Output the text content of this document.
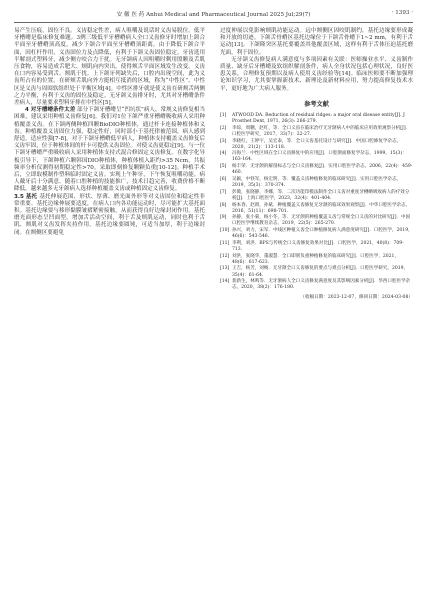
安 徽 医 药 Anhui Medical and Pharmaceutical Journal 2025 Jul;29(7)	· 1393 ·

易产生压痕，固位不良。义齿稳定性差，病人咀嚼及说话时义齿易脱位。低平牙槽嵴是临床修复难题。3例三级低平牙槽嵴病人全口义齿修牙时增加上颌合平面至牙槽嵴顶高度，减少下颌合平面至牙槽嵴顶距离。由于降低下颌合平面，因杠杆作用，义齿固位力及点降低，有利于下颌义齿固位稳定。牙齿选用半解剖式塑料牙，减少侧方咬合力干扰。无牙颌病人因咀嚼时剩用殷颗及舌肌压食物，容易造成舌肥大、颊肌向内突出，使得颊舌平面区域发生改变。义齿在口内容易受到舌、颊肌干扰。上下颌牙列缺失后，口腔内出现空间，此为义齿所占有的位置。在研颊舌肌向外方挺相互抵消的区域，称为“中性区”。中性区是义齿与周围软组织处于平衡区域[4]。中性区排牙就是使义齿在研颊舌两侧之力平衡，有利于义齿的固位及稳定。无牙颌义齿排牙时，尤其对牙槽嵴条件差病人，尽量要求塑料牙排在中性区[5]。

4 对牙槽嵴条件太差 部分下颌牙槽嵴呈“凹坑状”病人，常规义齿修复相当困难，建议采用种植义齿修复[6]。我们对1位下颌严重牙槽嵴吸收病人采用种植覆盖义齿。在下颌两侧种植四颗BioDIO种植体，通过杆卡连接种植体和义齿。种植覆盖义齿固位力强，稳定性好，同时部小于基托律被范围，病人感到舒适，适应性强[7-8]。对于下颌牙槽嵴低平病人，种植体支持覆盖义齿修复后义齿牢固，位于种植体间的杆卡可提供义齿固位。对使义齿更稳定[9]。与一位下颌牙槽嵴严重吸收病人采用种植体支持式混合修固定义齿修复。在数字化导板引导下，下颌种植六颗韩国DIO种植体，种植体植入距约>35 Ncm，共振频率分析仪测得初期稳定性>70。采取即刻修复颗颗负重[10-12]。种植手术后，立即取模制作塑料临时固定义齿。实现上午种牙，下午恢复咀嚼功能。病人戴牙后十分满意。随着口腔种植的技能推广，技术日趋完善，收费价格不断降低，越来越多无牙颌病人选择种植覆盖义齿或种植固定义齿修复。

3.5 基托 基托伸展范围、形状、厚薄、磨光面外形等对义齿固位和稳定性非常重要。基托边缘伸展要适度，在病人口内各功能运动时，尽可能扩大基托面积。基托边缘要与移形黏膜皱褶紧密接触，从而获得良好边缘封闭作用。基托磨光面形态呈凹面型，增加舌活动空间，利于舌及颊肌运动，同时也利于舌肌、颊肌对义齿发挥夹持作用。基托边缘要圆钝，可适当加厚，利于边缘封闭。在颊侧区要避免

过度伸展以免影响颊肌功能运动。远中颊侧区因咬肌制约，基托边缘要形成凝和开放的切迹。下颌舌骨嵴区基托边缘位于下颌舌骨嵴下1~2 mm，有利于舌运动[13]。下颌隆突区基托要覆盖其他覆盖区域，这样有利于舌体压迫基托磨光面，利于固位。

无牙颌义齿修复病人满意度与多项因素有关联：医师操业水平、义齿制作质量、缺牙后牙槽嵴及软组织解剖条件，病人全身状况包括心理状况，良好医患关系，合理修复预期以及病人使用义齿经验等[14]。临床医师要不断加强理论知识学习，尤其要掌握新技术、新理论及新材料应用，努力提高修复技术水平，更好地为广大病人服务。

参考文献
[1]	ATWOOD DA. Reduction of residual ridges: a major oral disease entity[J]. J Prosthet Dent, 1971, 26(3): 266-279.
[2]	李琼，周鹏，赵红，等．全口义齿在临床治疗无牙颌病人中的临床应用效果观察分析[J]．口腔医学研究，2017，33(7)：22-27.
[3]	李晓红，王婷宇，吴宏泰，等．全口义齿基托设计与研究[J]．中国口腔修复学杂志，2020，21(2)：113-118.
[4]	冯海兰．中性区域在全口义齿修复中的应用[J]．口腔颌面修复学杂志，1999，15(3)：163-164.
[5]	杨丰荣．无牙颌的解剖标志与全口义齿修复[J]．实用口腔医学杂志，2006，22(4)：459-460.
[6]	吴颖，中铁军，杨宏明，等．覆盖义齿种植修复的临床研究[J]．实用口腔医学杂志，2019，35(3)：370-374.
[7]	彭微，张晓静，李娜，等．二次功能印模法制作全口义齿对重度牙槽嵴吸收病人的疗效分析[J]．上海口腔医学，2023，32(4)：401-404.
[8]	杨本春，赵朗，孙斌．种植覆盖义齿修复无牙颌的临床效果观察[J]．中华口腔医学杂志，2016，51(11)：698-701.
[9]	孙静，张小菊，杨小冬，等．无牙颌的种植覆盖义齿与常规全口义齿的对比研究[J]．中国口腔医学继续教育杂志，2019，22(5)：265-270.
[10] 孙兴，刘力，宋军．中线区种植义齿全口种植修复病人满意度研究[J]．口腔医学，2019，46(6)：543-546.
[11] 李利，刘洪．BPS与传统全口义齿修复效果对比[J]．口腔医学，2021，40(8)：709-713.
[12] 刘洪，张晓华，董淑慧．全口即刻负重种植修复的临床研究[J]．口腔医学，2021，48(6)：617-623.
[13] 王吉，杨芳，刘畅．无牙颌全口义齿修复的要点与难点分析[J]．口腔医学研究，2019，35(4)：61-64.
[14] 裴新生，林鸣等．无牙颌病人全口义齿修复满意度及其影响因素分析[J]．华西口腔医学杂志，2020，38(2)：176-180.
（收稿日期：2023-12-07，修回日期：2024-03-08）
